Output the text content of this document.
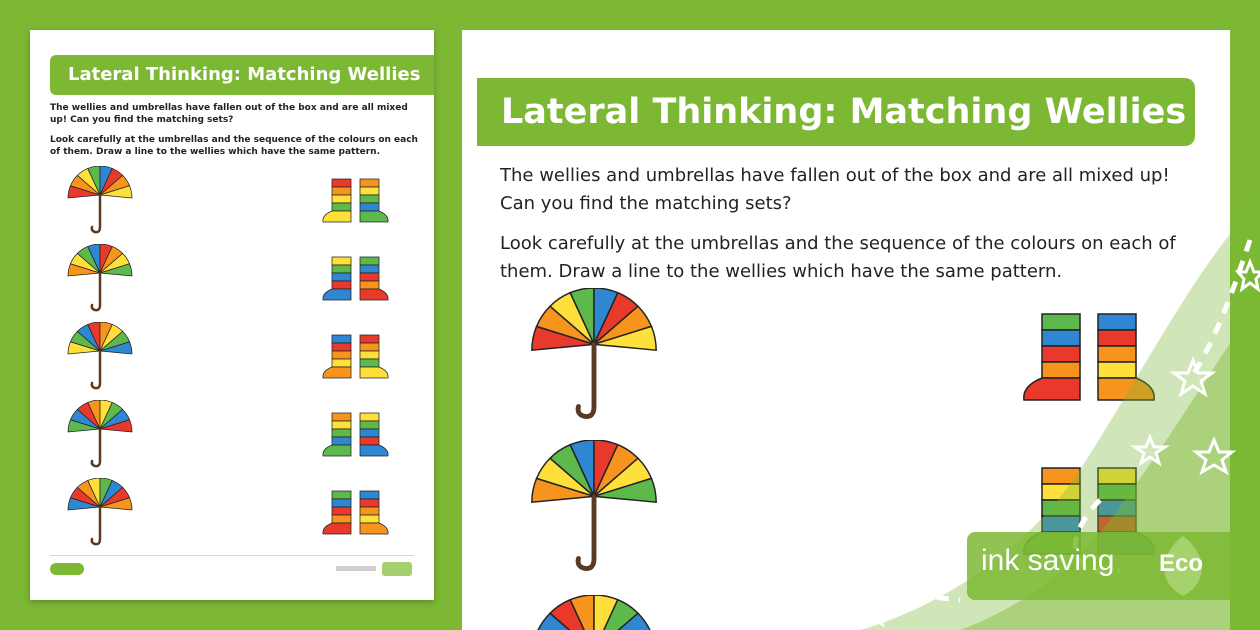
Lateral Thinking: Matching Wellies

The wellies and umbrellas have fallen out of the box and are all mixed up! Can you find the matching sets?

Look carefully at the umbrellas and the sequence of the colours on each of them. Draw a line to the wellies which have the same pattern.

Lateral Thinking: Matching Wellies

The wellies and umbrellas have fallen out of the box and are all mixed up! Can you find the matching sets?

Look carefully at the umbrellas and the sequence of the colours on each of them. Draw a line to the wellies which have the same pattern.

ink saving Eco
